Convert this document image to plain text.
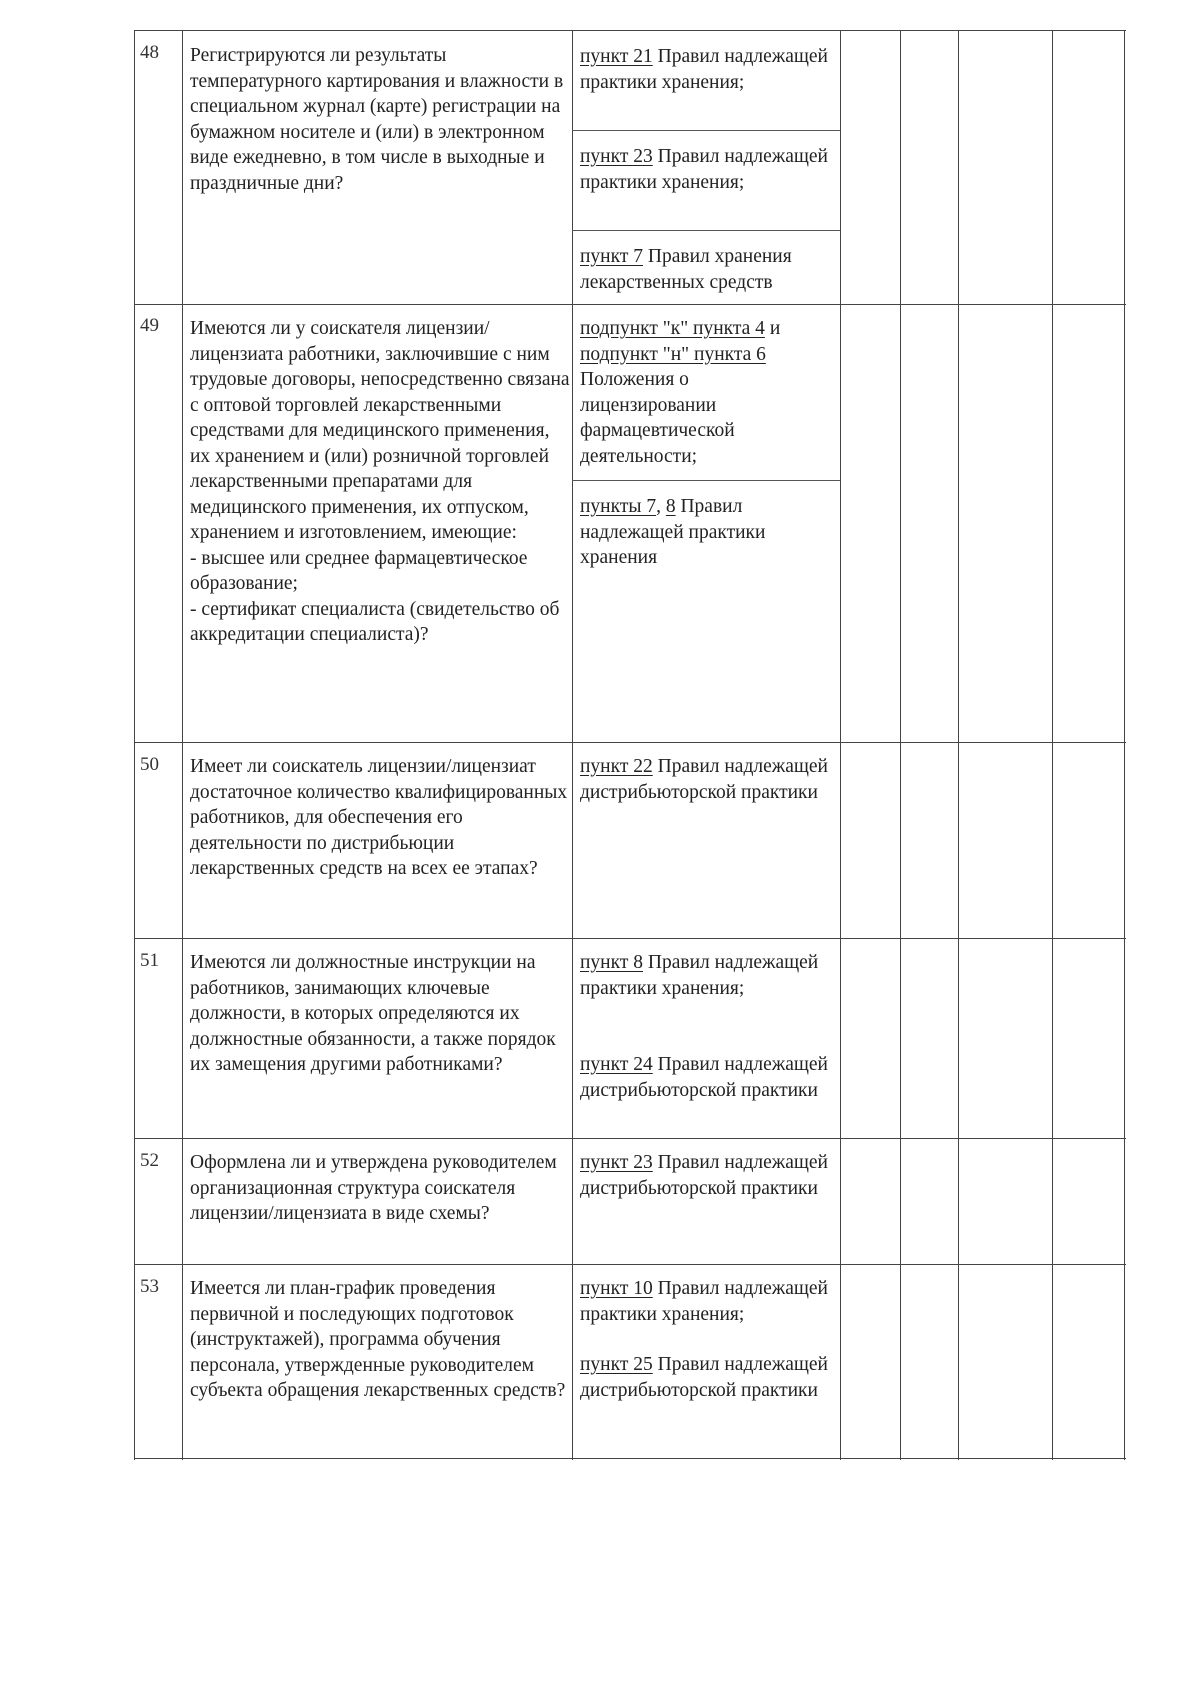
48 Регистрируются ли результаты температурного картирования и влажности в специальном журнал (карте) регистрации на бумажном носителе и (или) в электронном виде ежедневно, в том числе в выходные и праздничные дни?
пункт 21 Правил надлежащей практики хранения;
пункт 23 Правил надлежащей практики хранения;
пункт 7 Правил хранения лекарственных средств
49 Имеются ли у соискателя лицензии/лицензиата работники, заключившие с ним трудовые договоры, непосредственно связана с оптовой торговлей лекарственными средствами для медицинского применения, их хранением и (или) розничной торговлей лекарственными препаратами для медицинского применения, их отпуском, хранением и изготовлением, имеющие:
- высшее или среднее фармацевтическое образование;
- сертификат специалиста (свидетельство об аккредитации специалиста)?
подпункт "к" пункта 4 и подпункт "н" пункта 6 Положения о лицензировании фармацевтической деятельности;
пункты 7, 8 Правил надлежащей практики хранения
50 Имеет ли соискатель лицензии/лицензиат достаточное количество квалифицированных работников, для обеспечения его деятельности по дистрибьюции лекарственных средств на всех ее этапах?
пункт 22 Правил надлежащей дистрибьюторской практики
51 Имеются ли должностные инструкции на работников, занимающих ключевые должности, в которых определяются их должностные обязанности, а также порядок их замещения другими работниками?
пункт 8 Правил надлежащей практики хранения;
пункт 24 Правил надлежащей дистрибьюторской практики
52 Оформлена ли и утверждена руководителем организационная структура соискателя лицензии/лицензиата в виде схемы?
пункт 23 Правил надлежащей дистрибьюторской практики
53 Имеется ли план-график проведения первичной и последующих подготовок (инструктажей), программа обучения персонала, утвержденные руководителем субъекта обращения лекарственных средств?
пункт 10 Правил надлежащей практики хранения;
пункт 25 Правил надлежащей дистрибьюторской практики
